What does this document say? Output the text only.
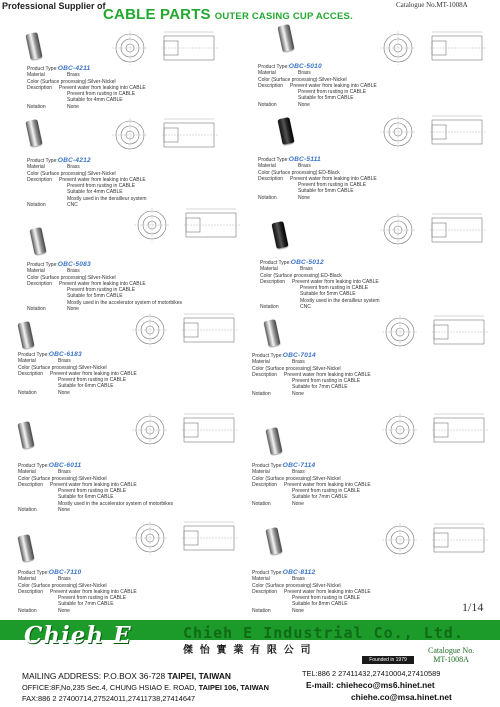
Professional Supplier of
CABLE PARTS OUTER CASING CUP ACCES.
Catalogue No.MT-1008A
Product Type: OBC-4211
Material	Brass
Color (Surface processing): Silver-Nickel
Description	Prevent water from leaking into CABLE
Prevent from rusting in CABLE
Suitable for 4mm CABLE
Notation	None
Product Type: OBC-5010
Material	Brass
Color (Surface processing): Silver-Nickel
Description	Prevent water from leaking into CABLE
Prevent from rusting in CABLE
Suitable for 5mm CABLE
Notation	None
Product Type: OBC-4212
Material	Brass
Color (Surface processing): Silver-Nickel
Description	Prevent water from leaking into CABLE
Prevent from rusting in CABLE
Suitable for 4mm CABLE
Mostly used in the derailleur system
Notation	CNC
Product Type: OBC-5111
Material	Brass
Color (Surface processing): ED-Black
Description	Prevent water from leaking into CABLE
Prevent from rusting in CABLE
Suitable for 5mm CABLE
Notation	None
Product Type: OBC-5083
Material	Brass
Color (Surface processing): Silver-Nickel
Description	Prevent water from leaking into CABLE
Prevent from rusting in CABLE
Suitable for 5mm CABLE
Mostly used in the accelerator system of motorbikes
Notation	None
Product Type: OBC-5012
Material	Brass
Color (Surface processing): ED-Black
Description	Prevent water from leaking into CABLE
Prevent from rusting in CABLE
Suitable for 5mm CABLE
Mostly used in the derailleur system
Notation	CNC
Product Type: OBC-6183
Material	Brass
Color (Surface processing): Silver-Nickel
Description	Prevent water from leaking into CABLE
Prevent from rusting in CABLE
Suitable for 6mm CABLE
Notation	None
Product Type: OBC-7014
Material	Brass
Color (Surface processing): Silver-Nickel
Description	Prevent water from leaking into CABLE
Prevent from rusting in CABLE
Suitable for 7mm CABLE
Notation	None
Product Type: OBC-6011
Material	Brass
Color (Surface processing): Silver-Nickel
Description	Prevent water from leaking into CABLE
Prevent from rusting in CABLE
Suitable for 6mm CABLE
Mostly used in the accelerator system of motorbikes
Notation	None
Product Type: OBC-7114
Material	Brass
Color (Surface processing): Silver-Nickel
Description	Prevent water from leaking into CABLE
Prevent from rusting in CABLE
Suitable for 7mm CABLE
Notation	None
Product Type: OBC-7110
Material	Brass
Color (Surface processing): Silver-Nickel
Description	Prevent water from leaking into CABLE
Prevent from rusting in CABLE
Suitable for 7mm CABLE
Notation	None
Product Type: OBC-8112
Material	Brass
Color (Surface processing): Silver-Nickel
Description	Prevent water from leaking into CABLE
Prevent from rusting in CABLE
Suitable for 8mm CABLE
Notation	None	1/14
Chieh E	Chieh E Industrial Co., Ltd.
傑 怡 實 業 有 限 公 司
Founded in 1979
Catalogue No.
MT-1008A
MAILING ADDRESS: P.O.BOX 36-728 TAIPEI, TAIWAN	TEL:886 2 27411432,27410004,27410589
OFFICE:8F,No,235 Sec.4, CHUNG HSIAO E. ROAD, TAIPEI 106, TAIWAN	E-mail: chieheco@ms6.hinet.net
FAX:886 2 27400714,27524011,27411738,27414647	chiehe.co@msa.hinet.net
